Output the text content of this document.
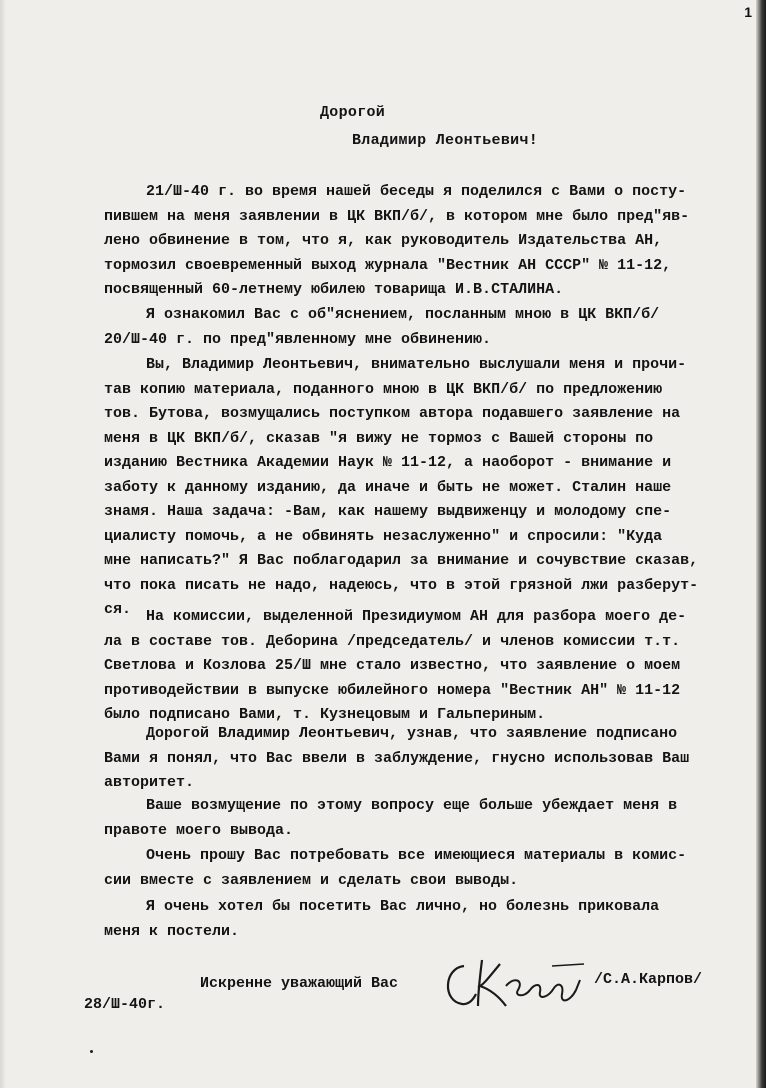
1
Дорогой
Владимир Леонтьевич!
21/Ш-40 г. во время нашей беседы я поделился с Вами о посту-
пившем на меня заявлении в ЦК ВКП/б/, в котором мне было пред"яв-
лено обвинение в том, что я, как руководитель Издательства АН,
тормозил своевременный выход журнала "Вестник АН СССР" № 11-12,
посвященный 60-летнему юбилею товарища И.В.СТАЛИНА.
Я ознакомил Вас с об"яснением, посланным мною в ЦК ВКП/б/
20/Ш-40 г. по пред"явленному мне обвинению.
Вы, Владимир Леонтьевич, внимательно выслушали меня и прочи-
тав копию материала, поданного мною в ЦК ВКП/б/ по предложению
тов. Бутова, возмущались поступком автора подавшего заявление на
меня в ЦК ВКП/б/, сказав "я вижу не тормоз с Вашей стороны по
изданию Вестника Академии Наук № 11-12, а наоборот - внимание и
заботу к данному изданию, да иначе и быть не может. Сталин наше
знамя. Наша задача: -Вам, как нашему выдвиженцу и молодому спе-
циалисту помочь, а не обвинять незаслуженно" и спросили: "Куда
мне написать?" Я Вас поблагодарил за внимание и сочувствие сказав,
что пока писать не надо, надеюсь, что в этой грязной лжи разберут-
ся. На комиссии, выделенной Президиумом АН для разбора моего де-
ла в составе тов. Деборина /председатель/ и членов комиссии т.т.
Светлова и Козлова 25/Ш мне стало известно, что заявление о моем
противодействии в выпуске юбилейного номера "Вестник АН" № 11-12
было подписано Вами, т. Кузнецовым и Гальпериным.
Дорогой Владимир Леонтьевич, узнав, что заявление подписано
Вами я понял, что Вас ввели в заблуждение, гнусно использовав Ваш
авторитет.
Ваше возмущение по этому вопросу еще больше убеждает меня в
правоте моего вывода.
Очень прошу Вас потребовать все имеющиеся материалы в комис-
сии вместе с заявлением и сделать свои выводы.
Я очень хотел бы посетить Вас лично, но болезнь приковала
меня к постели.
Искренне уважающий Вас	/С.А.Карпов/
28/Ш-40г.
